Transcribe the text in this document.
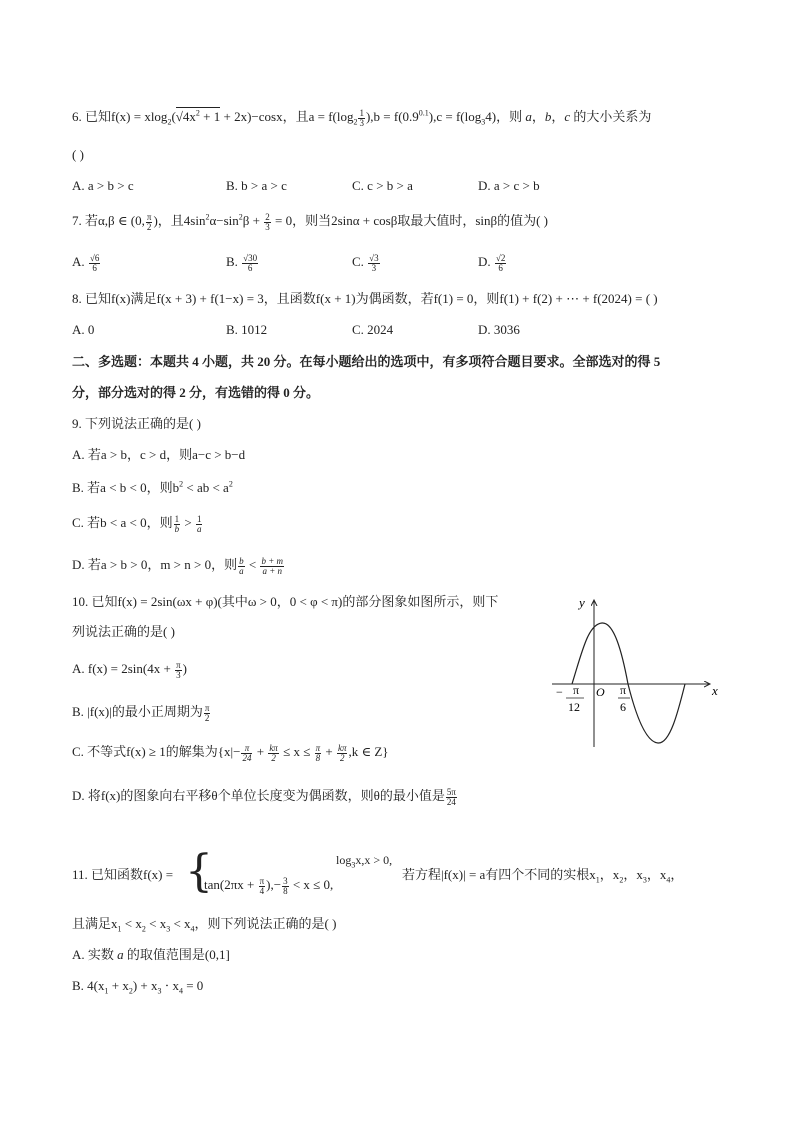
6. 已知$f(x) = xlog_2(√4x^2 + 1 + 2x)-\cos x$，且$a = f(\log_2 \frac{1}{3} ),b = f(0.9^{0.1}),c = f(\log_34)$，则 a，b，c 的大小关系为
( )
A. a > b > c	B. b > a > c	C. c > b > a	D. a > c > b
7. 若α,β ∈ (0, $\frac{\pi}{2}$ )，且$4\sin^2\alpha-\sin^2\beta + \frac{2}{3} = 0$，则当2sinα + cosβ取最大值时，sinβ的值为( )
A. $\frac{√6}{6}$	B. $\frac{√30}{6}$	C. $\frac{√3}{3}$	D. $\frac{√2}{6}$
8. 已知f(x)满足f(x + 3) + f(1−x) = 3，且函数f(x + 1)为偶函数，若f(1) = 0，则f(1) + f(2) + ⋯ + f(2024) = ( )
A. 0	B. 1012	C. 2024	D. 3036
二、多选题：本题共 4 小题，共 20 分。在每小题给出的选项中，有多项符合题目要求。全部选对的得 5
分，部分选对的得 2 分，有选错的得 0 分。
9. 下列说法正确的是( )
A. 若a > b，c > d，则a−c > b−d
B. 若a < b < 0，则$b^2$ < ab < $a^2$
C. 若b < a < 0，则 $\frac{1}{b} > \frac{1}{a}$
D. 若a > b > 0，m > n > 0，则 $\frac{b}{a} < \frac{b + m}{a + n}$
10. 已知f(x) = 2sin(ωx + φ)(其中ω > 0，0 < φ < π)的部分图象如图所示，则下
列说法正确的是( )
A. $f(x) = 2\sin(4x + \frac{\pi}{3}$ )
B. |f(x)|的最小正周期为 $\frac{\pi}{2}$
C. 不等式f(x) ≥ 1的解集为{$x|- \frac{\pi}{24} + \frac{k\pi}{2} \le x \le \frac{\pi}{8} + \frac{k\pi}{2} ,k$ ∈ Z}
D. 将f(x)的图象向右平移θ个单位长度变为偶函数，则θ的最小值是 $\frac{5\pi}{24}$
y
x
O
− π
12
π
6
11. 已知函数f(x) = {	$\log_3x,x > 0$,
$\tan(2\pi x + \frac{\pi}{4}$ ),− $\frac{3}{8} < x \le 0$,
若方程|f(x)| = a有四个不同的实根$x_1$，$x_2$，$x_3$，$x_4$，
且满足$x_1 < x_2 < x_3 < x_4$，则下列说法正确的是( )
A. 实数 a 的取值范围是(0,1]
B. $4(x_1 + x_2) + x_3 \cdot x_4 = 0$
